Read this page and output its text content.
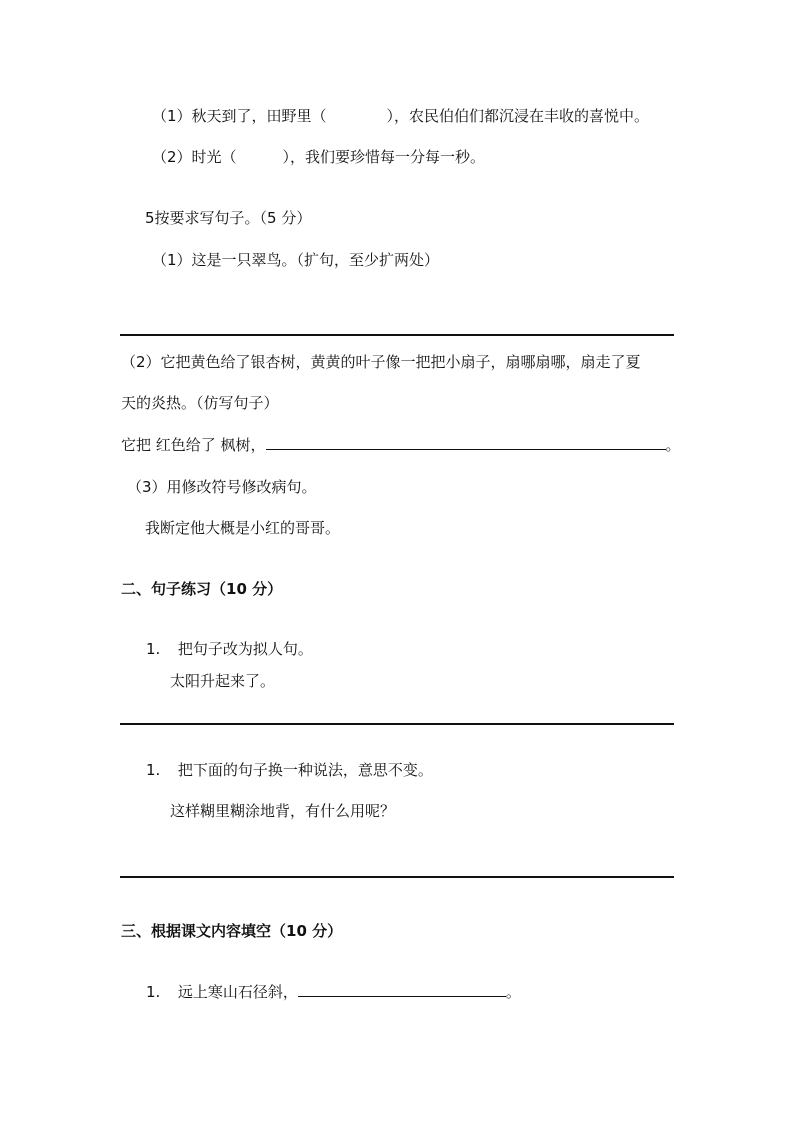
（1）秋天到了，田野里（	），农民伯伯们都沉浸在丰收的喜悦中。
（2）时光（	），我们要珍惜每一分每一秒。
5按要求写句子。（5 分）
（1）这是一只翠鸟。（扩句，至少扩两处）
（2）它把黄色给了银杏树，黄黄的叶子像一把把小扇子，扇哪扇哪，扇走了夏
天的炎热。（仿写句子）
它把 红色给了 枫树，	。
（3）用修改符号修改病句。
我断定他大概是小红的哥哥。
二、句子练习（10 分）
1. 把句子改为拟人句。
太阳升起来了。
1. 把下面的句子换一种说法，意思不变。
这样糊里糊涂地背，有什么用呢？
三、根据课文内容填空（10 分）
1. 远上寒山石径斜，	。
